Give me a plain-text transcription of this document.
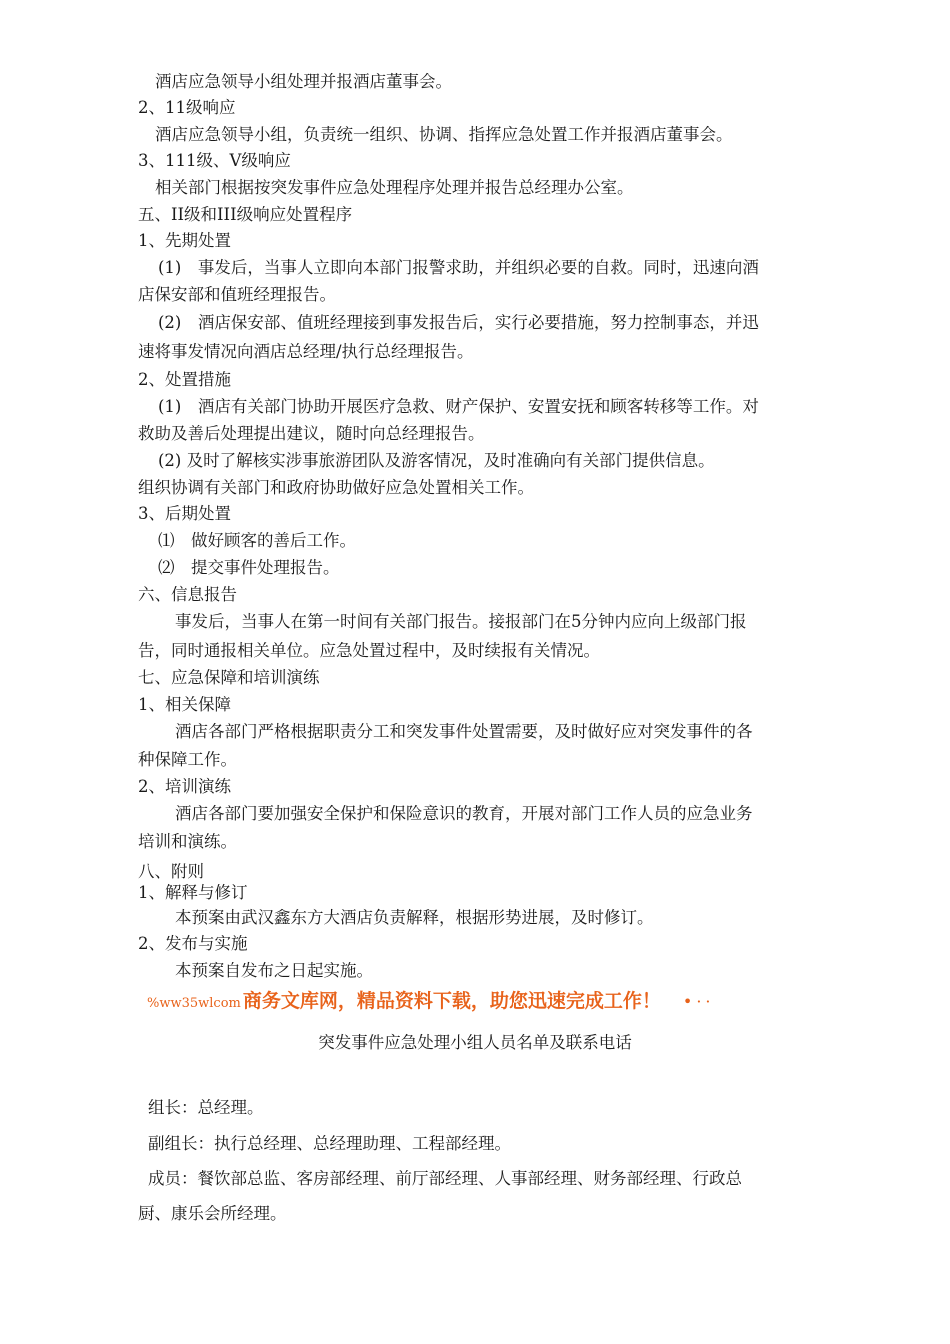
酒店应急领导小组处理并报酒店董事会。
2、11级响应
酒店应急领导小组，负责统一组织、协调、指挥应急处置工作并报酒店董事会。
3、111级、V级响应
相关部门根据按突发事件应急处理程序处理并报告总经理办公室。
五、II级和III级响应处置程序
1、先期处置
(1)　事发后，当事人立即向本部门报警求助，并组织必要的自救。同时，迅速向酒
店保安部和值班经理报告。
(2)　酒店保安部、值班经理接到事发报告后，实行必要措施，努力控制事态，并迅
速将事发情况向酒店总经理/执行总经理报告。
2、处置措施
(1)　酒店有关部门协助开展医疗急救、财产保护、安置安抚和顾客转移等工作。对
救助及善后处理提出建议，随时向总经理报告。
(2) 及时了解核实涉事旅游团队及游客情况，及时准确向有关部门提供信息。
组织协调有关部门和政府协助做好应急处置相关工作。
3、后期处置
⑴　做好顾客的善后工作。
⑵　提交事件处理报告。
六、信息报告
事发后，当事人在第一时间有关部门报告。接报部门在5分钟内应向上级部门报
告，同时通报相关单位。应急处置过程中，及时续报有关情况。
七、应急保障和培训演练
1、相关保障
酒店各部门严格根据职责分工和突发事件处置需要，及时做好应对突发事件的各
种保障工作。
2、培训演练
酒店各部门要加强安全保护和保险意识的教育，开展对部门工作人员的应急业务
培训和演练。
八、附则
1、解释与修订
本预案由武汉鑫东方大酒店负责解释，根据形势进展，及时修订。
2、发布与实施
本预案自发布之日起实施。
%ww35wlcom 商务文库网，精品资料下载，助您迅速完成工作！ •··
突发事件应急处理小组人员名单及联系电话
组长：总经理。
副组长：执行总经理、总经理助理、工程部经理。
成员：餐饮部总监、客房部经理、前厅部经理、人事部经理、财务部经理、行政总
厨、康乐会所经理。
